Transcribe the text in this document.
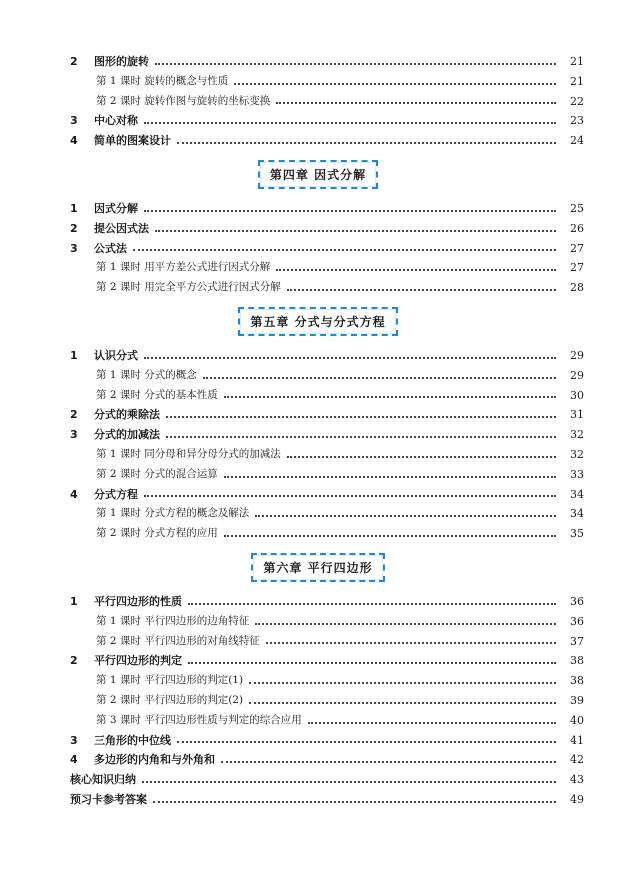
2	图形的旋转	21
第 1 课时 旋转的概念与性质	21
第 2 课时 旋转作图与旋转的坐标变换	22
3	中心对称	23
4	简单的图案设计	24
第四章 因式分解
1	因式分解	25
2	提公因式法	26
3	公式法	27
第 1 课时 用平方差公式进行因式分解	27
第 2 课时 用完全平方公式进行因式分解	28
第五章 分式与分式方程
1	认识分式	29
第 1 课时 分式的概念	29
第 2 课时 分式的基本性质	30
2	分式的乘除法	31
3	分式的加减法	32
第 1 课时 同分母和异分母分式的加减法	32
第 2 课时 分式的混合运算	33
4	分式方程	34
第 1 课时 分式方程的概念及解法	34
第 2 课时 分式方程的应用	35
第六章 平行四边形
1	平行四边形的性质	36
第 1 课时 平行四边形的边角特征	36
第 2 课时 平行四边形的对角线特征	37
2	平行四边形的判定	38
第 1 课时 平行四边形的判定(1)	38
第 2 课时 平行四边形的判定(2)	39
第 3 课时 平行四边形性质与判定的综合应用	40
3	三角形的中位线	41
4	多边形的内角和与外角和	42
核心知识归纳	43
预习卡参考答案	49
